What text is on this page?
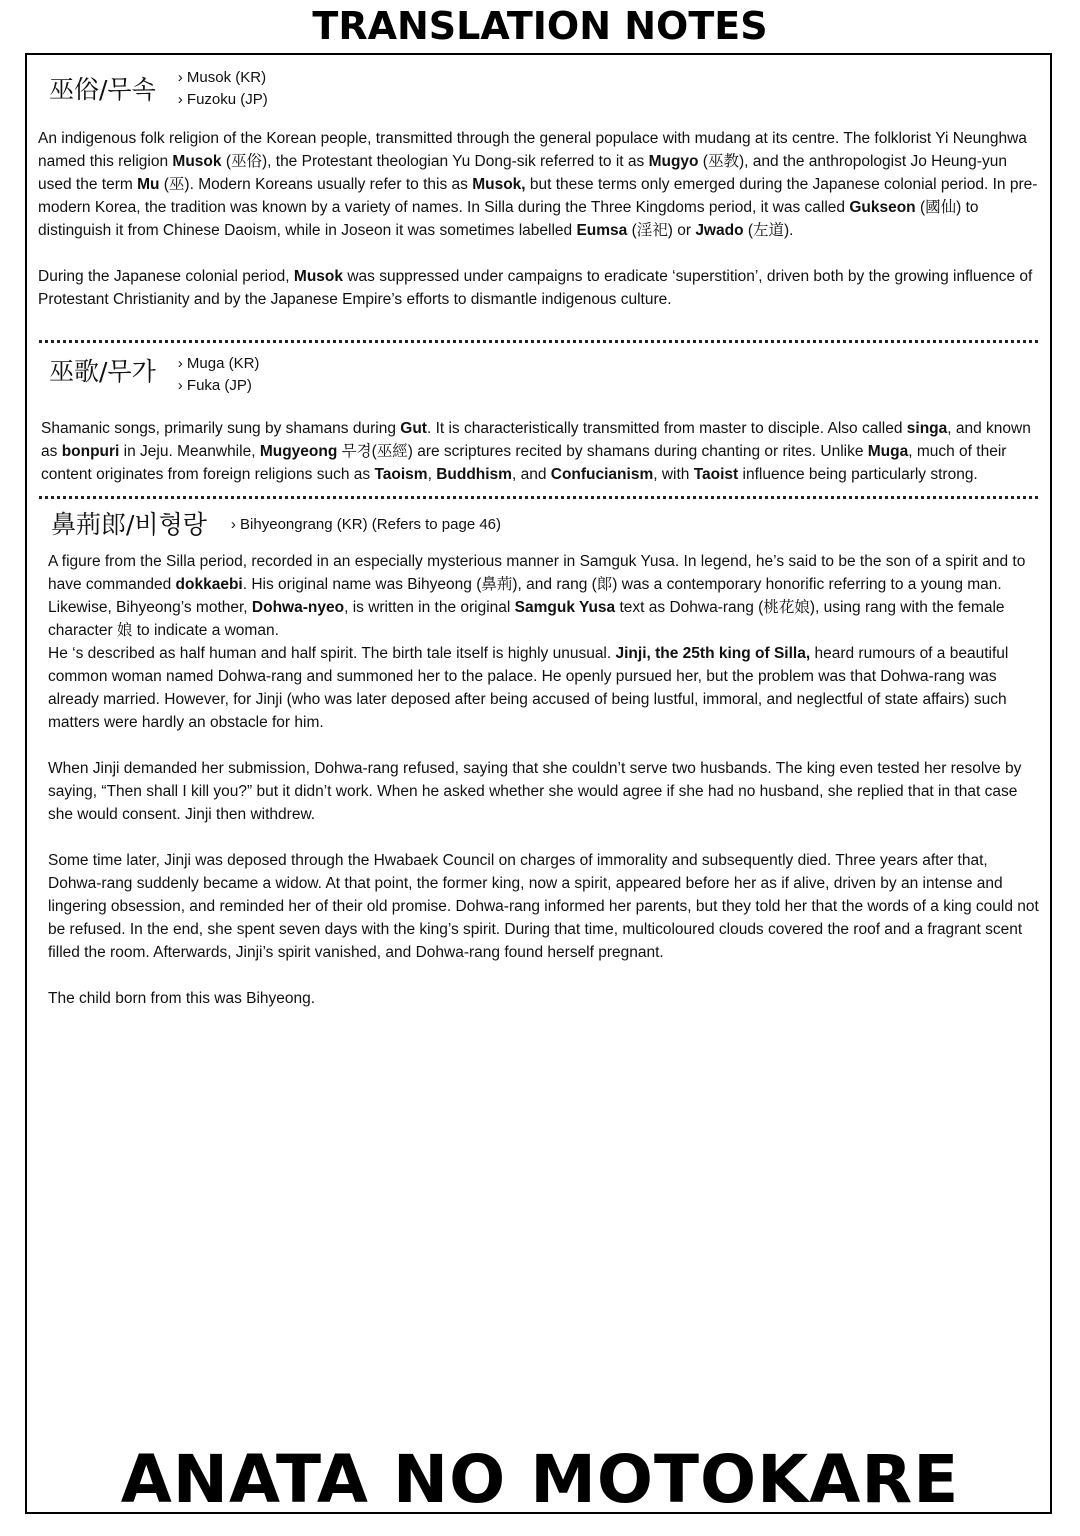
TRANSLATION NOTES
巫俗/무속	› Musok (KR)
› Fuzoku (JP)

An indigenous folk religion of the Korean people, transmitted through the general populace with mudang at its centre. The folklorist Yi Neunghwa named this religion Musok (巫俗), the Protestant theologian Yu Dong-sik referred to it as Mugyo (巫教), and the anthropologist Jo Heung-yun used the term Mu (巫). Modern Koreans usually refer to this as Musok, but these terms only emerged during the Japanese colonial period. In pre-modern Korea, the tradition was known by a variety of names. In Silla during the Three Kingdoms period, it was called Gukseon (國仙) to distinguish it from Chinese Daoism, while in Joseon it was sometimes labelled Eumsa (淫祀) or Jwado (左道).

During the Japanese colonial period, Musok was suppressed under campaigns to eradicate ‘superstition’, driven both by the growing influence of Protestant Christianity and by the Japanese Empire’s efforts to dismantle indigenous culture.

巫歌/무가	› Muga (KR)
› Fuka (JP)

Shamanic songs, primarily sung by shamans during Gut. It is characteristically transmitted from master to disciple. Also called singa, and known as bonpuri in Jeju. Meanwhile, Mugyeong 무경(巫經) are scriptures recited by shamans during chanting or rites. Unlike Muga, much of their content originates from foreign religions such as Taoism, Buddhism, and Confucianism, with Taoist influence being particularly strong.

鼻荊郎/비형랑	› Bihyeongrang (KR) (Refers to page 46)

A figure from the Silla period, recorded in an especially mysterious manner in Samguk Yusa. In legend, he’s said to be the son of a spirit and to have commanded dokkaebi. His original name was Bihyeong (鼻荊), and rang (郞) was a contemporary honorific referring to a young man. Likewise, Bihyeong’s mother, Dohwa-nyeo, is written in the original Samguk Yusa text as Dohwa-rang (桃花娘), using rang with the female character 娘 to indicate a woman.

He ‘s described as half human and half spirit. The birth tale itself is highly unusual. Jinji, the 25th king of Silla, heard rumours of a beautiful common woman named Dohwa-rang and summoned her to the palace. He openly pursued her, but the problem was that Dohwa-rang was already married. However, for Jinji (who was later deposed after being accused of being lustful, immoral, and neglectful of state affairs) such matters were hardly an obstacle for him.

When Jinji demanded her submission, Dohwa-rang refused, saying that she couldn’t serve two husbands. The king even tested her resolve by saying, “Then shall I kill you?” but it didn’t work. When he asked whether she would agree if she had no husband, she replied that in that case she would consent. Jinji then withdrew.

Some time later, Jinji was deposed through the Hwabaek Council on charges of immorality and subsequently died. Three years after that, Dohwa-rang suddenly became a widow. At that point, the former king, now a spirit, appeared before her as if alive, driven by an intense and lingering obsession, and reminded her of their old promise. Dohwa-rang informed her parents, but they told her that the words of a king could not be refused. In the end, she spent seven days with the king’s spirit. During that time, multicoloured clouds covered the roof and a fragrant scent filled the room. Afterwards, Jinji’s spirit vanished, and Dohwa-rang found herself pregnant.

The child born from this was Bihyeong.

ANATA NO MOTOKARE
